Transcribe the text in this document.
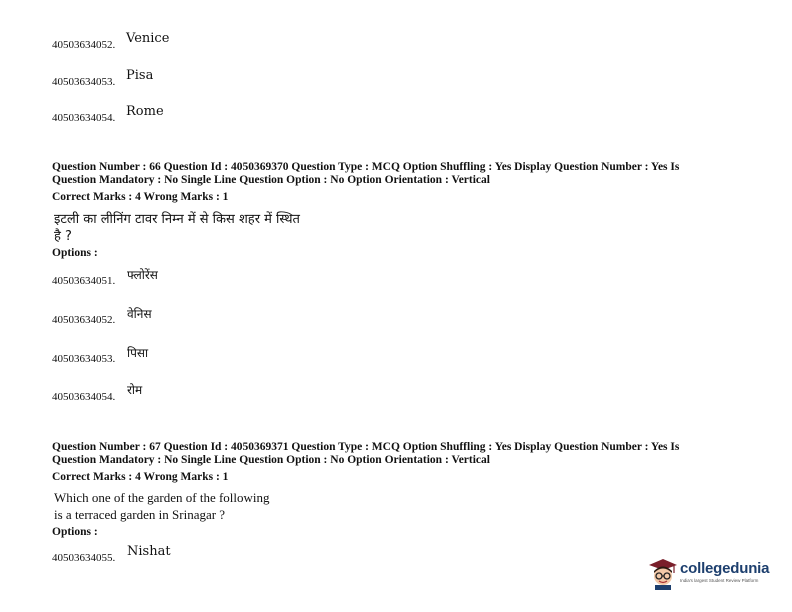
40503634052. Venice
40503634053. Pisa
40503634054. Rome
Question Number : 66 Question Id : 4050369370 Question Type : MCQ Option Shuffling : Yes Display Question Number : Yes Is
Question Mandatory : No Single Line Question Option : No Option Orientation : Vertical
Correct Marks : 4 Wrong Marks : 1
इटली का लीनिंग टावर निम्न में से किस शहर में स्थित
है ?
Options :
40503634051. फ्लोरेंस
40503634052. वेनिस
40503634053. पिसा
40503634054. रोम
Question Number : 67 Question Id : 4050369371 Question Type : MCQ Option Shuffling : Yes Display Question Number : Yes Is
Question Mandatory : No Single Line Question Option : No Option Orientation : Vertical
Correct Marks : 4 Wrong Marks : 1
Which one of the garden of the following
is a terraced garden in Srinagar ?
Options :
40503634055. Nishat
collegedunia
India's largest Student Review Platform
